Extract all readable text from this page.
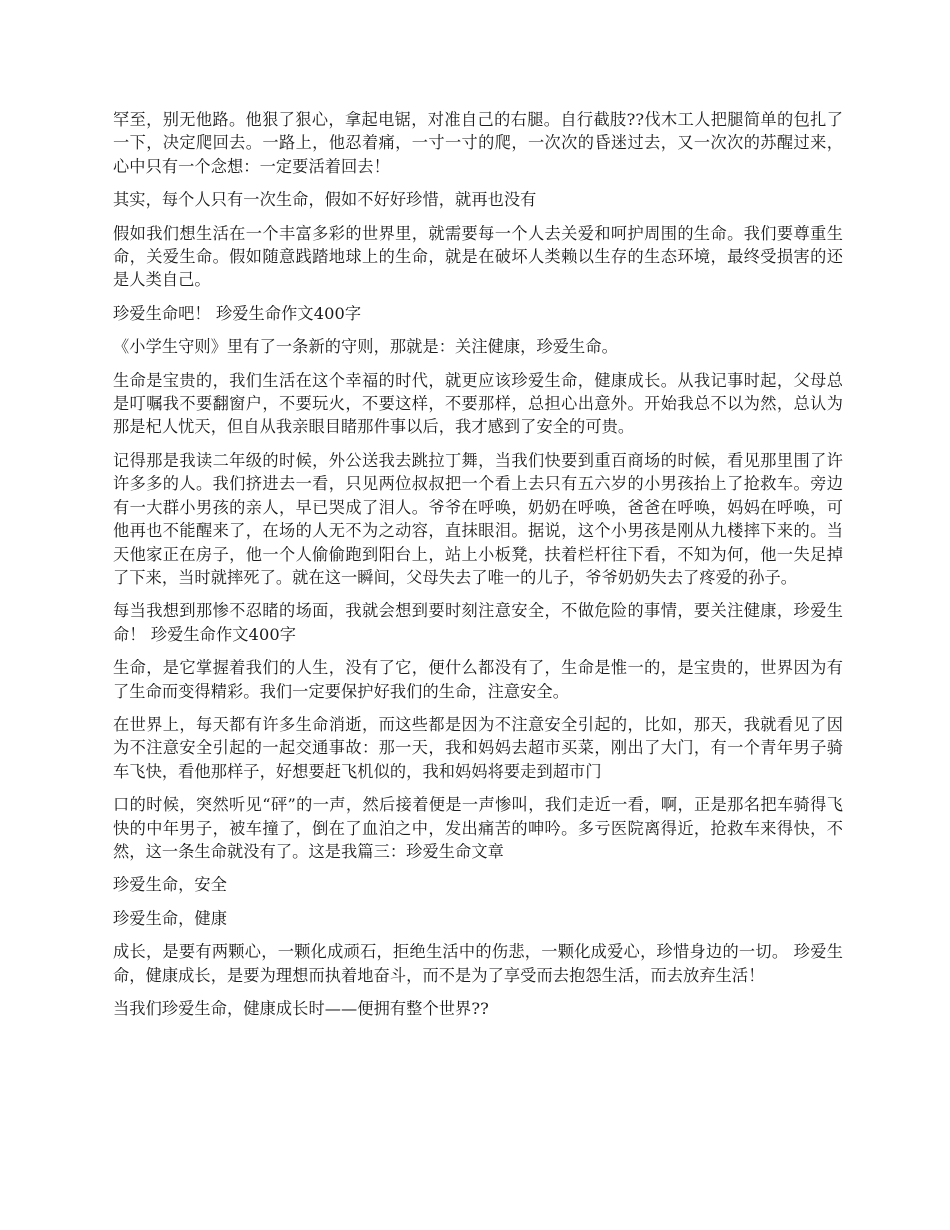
罕至，别无他路。他狠了狠心，拿起电锯，对准自己的右腿。自行截肢??伐木工人把腿简单的包扎了一下，决定爬回去。一路上，他忍着痛，一寸一寸的爬，一次次的昏迷过去，又一次次的苏醒过来，心中只有一个念想：一定要活着回去！

其实，每个人只有一次生命，假如不好好珍惜，就再也没有

假如我们想生活在一个丰富多彩的世界里，就需要每一个人去关爱和呵护周围的生命。我们要尊重生命，关爱生命。假如随意践踏地球上的生命，就是在破坏人类赖以生存的生态环境，最终受损害的还是人类自己。

珍爱生命吧！ 珍爱生命作文400字

《小学生守则》里有了一条新的守则，那就是：关注健康，珍爱生命。

生命是宝贵的，我们生活在这个幸福的时代，就更应该珍爱生命，健康成长。从我记事时起，父母总是叮嘱我不要翻窗户，不要玩火，不要这样，不要那样，总担心出意外。开始我总不以为然，总认为那是杞人忧天，但自从我亲眼目睹那件事以后，我才感到了安全的可贵。

记得那是我读二年级的时候，外公送我去跳拉丁舞，当我们快要到重百商场的时候，看见那里围了许许多多的人。我们挤进去一看，只见两位叔叔把一个看上去只有五六岁的小男孩抬上了抢救车。旁边有一大群小男孩的亲人，早已哭成了泪人。爷爷在呼唤，奶奶在呼唤，爸爸在呼唤，妈妈在呼唤，可他再也不能醒来了，在场的人无不为之动容，直抹眼泪。据说，这个小男孩是刚从九楼摔下来的。当天他家正在房子，他一个人偷偷跑到阳台上，站上小板凳，扶着栏杆往下看，不知为何，他一失足掉了下来，当时就摔死了。就在这一瞬间，父母失去了唯一的儿子，爷爷奶奶失去了疼爱的孙子。

每当我想到那惨不忍睹的场面，我就会想到要时刻注意安全，不做危险的事情，要关注健康，珍爱生命！ 珍爱生命作文400字

生命，是它掌握着我们的人生，没有了它，便什么都没有了，生命是惟一的，是宝贵的，世界因为有了生命而变得精彩。我们一定要保护好我们的生命，注意安全。

在世界上，每天都有许多生命消逝，而这些都是因为不注意安全引起的，比如，那天，我就看见了因为不注意安全引起的一起交通事故：那一天，我和妈妈去超市买菜，刚出了大门，有一个青年男子骑车飞快，看他那样子，好想要赶飞机似的，我和妈妈将要走到超市门

口的时候，突然听见“砰”的一声，然后接着便是一声惨叫，我们走近一看，啊，正是那名把车骑得飞快的中年男子，被车撞了，倒在了血泊之中，发出痛苦的呻吟。多亏医院离得近，抢救车来得快，不然，这一条生命就没有了。这是我篇三：珍爱生命文章

珍爱生命，安全

珍爱生命，健康

成长，是要有两颗心，一颗化成顽石，拒绝生活中的伤悲，一颗化成爱心，珍惜身边的一切。 珍爱生命，健康成长，是要为理想而执着地奋斗，而不是为了享受而去抱怨生活，而去放弃生活！

当我们珍爱生命，健康成长时——便拥有整个世界??
